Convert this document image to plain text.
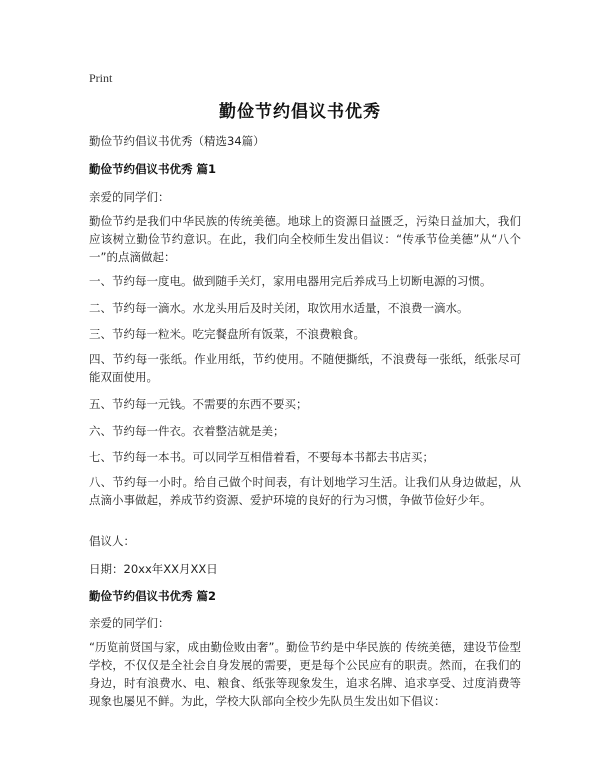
Print
勤俭节约倡议书优秀
勤俭节约倡议书优秀（精选34篇）
勤俭节约倡议书优秀 篇1
亲爱的同学们：
勤俭节约是我们中华民族的传统美德。地球上的资源日益匮乏，污染日益加大，我们应该树立勤俭节约意识。在此，我们向全校师生发出倡议：“传承节俭美德”从“八个一”的点滴做起：
一、节约每一度电。做到随手关灯，家用电器用完后养成马上切断电源的习惯。
二、节约每一滴水。水龙头用后及时关闭，取饮用水适量，不浪费一滴水。
三、节约每一粒米。吃完餐盘所有饭菜，不浪费粮食。
四、节约每一张纸。作业用纸，节约使用。不随便撕纸，不浪费每一张纸，纸张尽可能双面使用。
五、节约每一元钱。不需要的东西不要买；
六、节约每一件衣。衣着整洁就是美；
七、节约每一本书。可以同学互相借着看，不要每本书都去书店买；
八、节约每一小时。给自己做个时间表，有计划地学习生活。让我们从身边做起，从点滴小事做起，养成节约资源、爱护环境的良好的行为习惯，争做节俭好少年。
倡议人：
日期：20xx年XX月XX日
勤俭节约倡议书优秀 篇2
亲爱的同学们：
“历览前贤国与家，成由勤俭败由奢”。勤俭节约是中华民族的 传统美德，建设节俭型学校，不仅仅是全社会自身发展的需要，更是每个公民应有的职责。然而，在我们的身边，时有浪费水、电、粮食、纸张等现象发生，追求名牌、追求享受、过度消费等现象也屡见不鲜。为此，学校大队部向全校少先队员生发出如下倡议：
